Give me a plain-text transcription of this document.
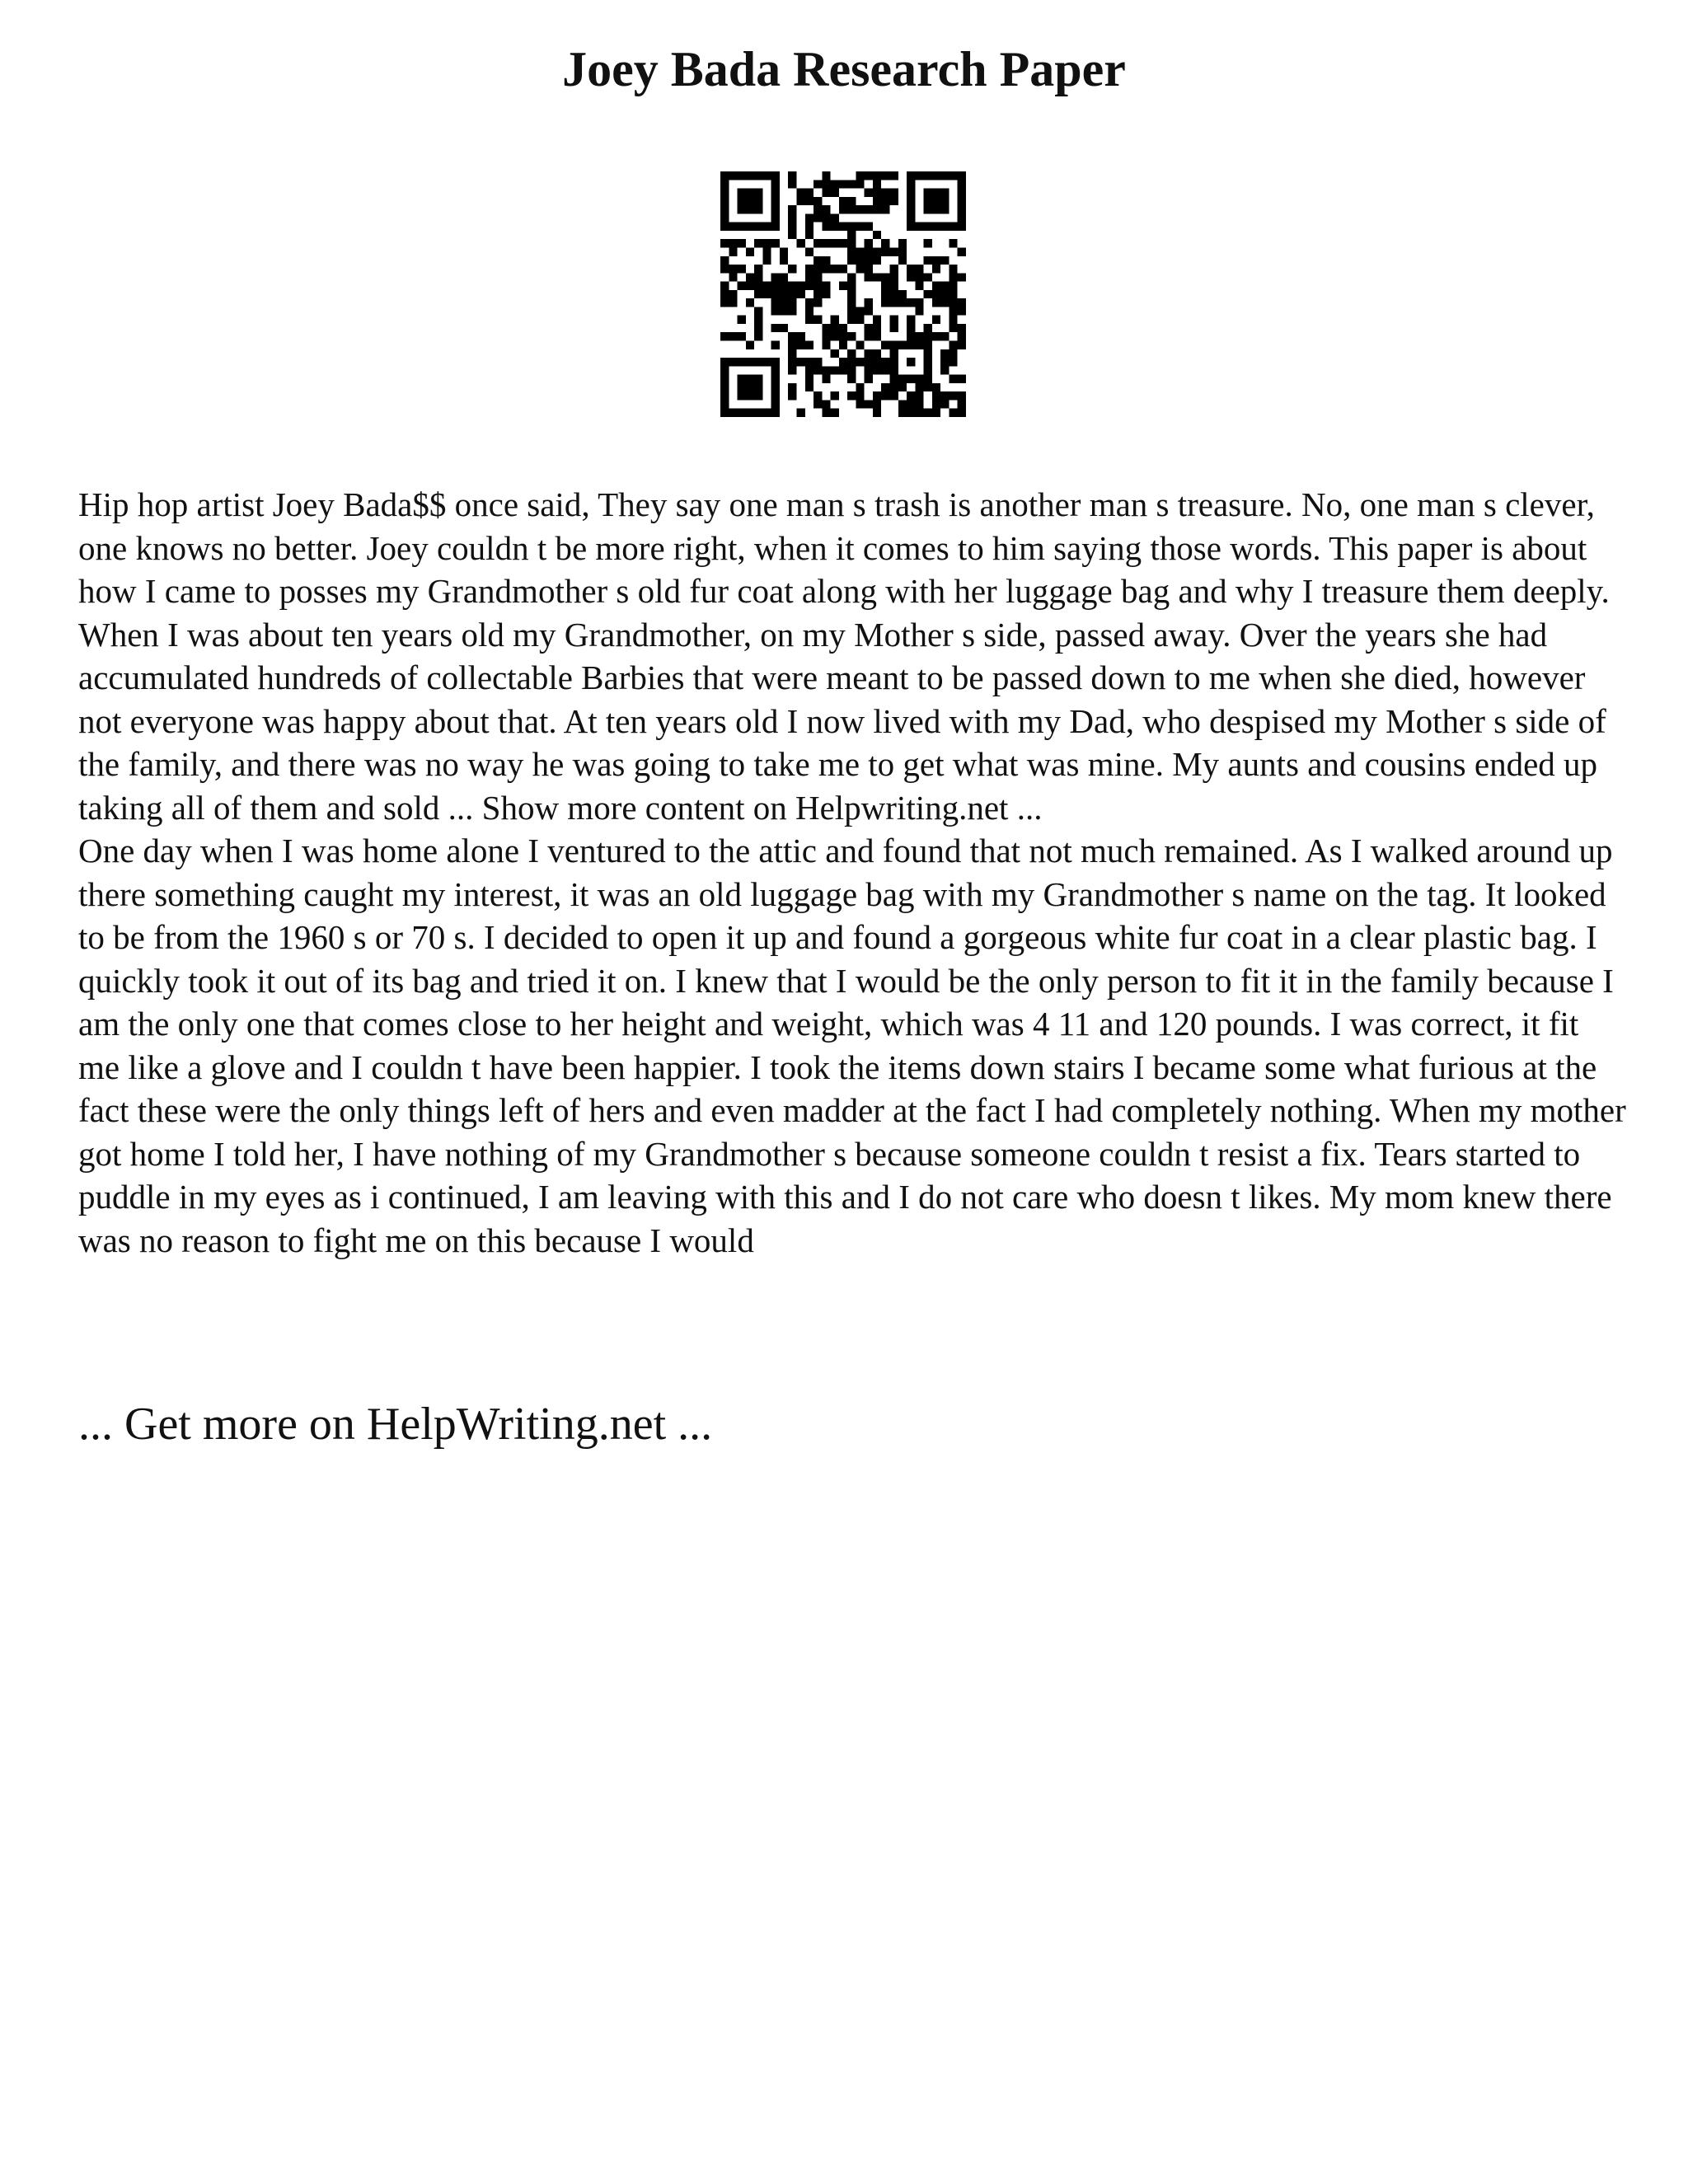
Joey Bada Research Paper

Hip hop artist Joey Bada$$ once said, They say one man s trash is another man s treasure. No, one man s clever, one knows no better. Joey couldn t be more right, when it comes to him saying those words. This paper is about how I came to posses my Grandmother s old fur coat along with her luggage bag and why I treasure them deeply. When I was about ten years old my Grandmother, on my Mother s side, passed away. Over the years she had accumulated hundreds of collectable Barbies that were meant to be passed down to me when she died, however not everyone was happy about that. At ten years old I now lived with my Dad, who despised my Mother s side of the family, and there was no way he was going to take me to get what was mine. My aunts and cousins ended up taking all of them and sold ... Show more content on Helpwriting.net ...

One day when I was home alone I ventured to the attic and found that not much remained. As I walked around up there something caught my interest, it was an old luggage bag with my Grandmother s name on the tag. It looked to be from the 1960 s or 70 s. I decided to open it up and found a gorgeous white fur coat in a clear plastic bag. I quickly took it out of its bag and tried it on. I knew that I would be the only person to fit it in the family because I am the only one that comes close to her height and weight, which was 4 11 and 120 pounds. I was correct, it fit me like a glove and I couldn t have been happier. I took the items down stairs I became some what furious at the fact these were the only things left of hers and even madder at the fact I had completely nothing. When my mother got home I told her, I have nothing of my Grandmother s because someone couldn t resist a fix. Tears started to puddle in my eyes as i continued, I am leaving with this and I do not care who doesn t likes. My mom knew there was no reason to fight me on this because I would

... Get more on HelpWriting.net ...
